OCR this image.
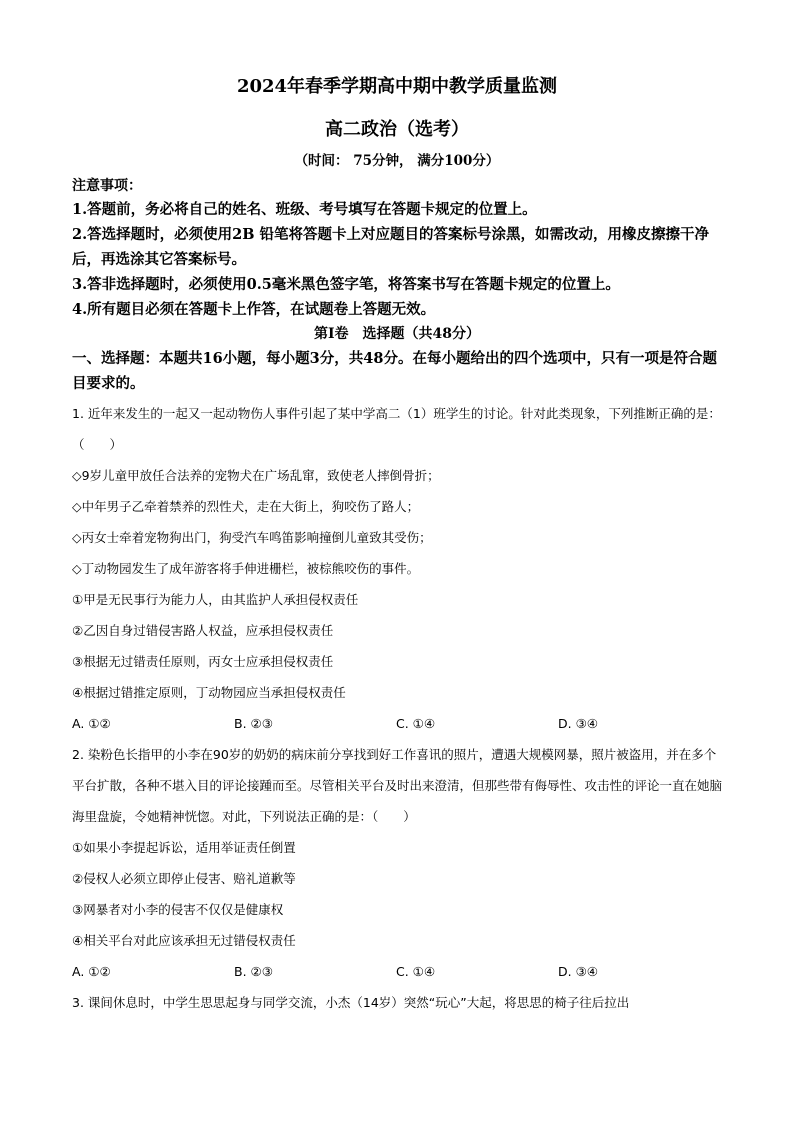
2024年春季学期高中期中教学质量监测
高二政治（选考）
（时间： 75分钟， 满分100分）
注意事项：
1.答题前，务必将自己的姓名、班级、考号填写在答题卡规定的位置上。
2.答选择题时，必须使用2B 铅笔将答题卡上对应题目的答案标号涂黑，如需改动，用橡皮擦擦干净后，再选涂其它答案标号。
3.答非选择题时，必须使用0.5毫米黑色签字笔，将答案书写在答题卡规定的位置上。
4.所有题目必须在答题卡上作答，在试题卷上答题无效。
第Ⅰ卷　选择题（共48分）
一、选择题：本题共16小题，每小题3分，共48分。在每小题给出的四个选项中，只有一项是符合题目要求的。

1. 近年来发生的一起又一起动物伤人事件引起了某中学高二（1）班学生的讨论。针对此类现象，下列推断正确的是：（　　）

◇9岁儿童甲放任合法养的宠物犬在广场乱窜，致使老人摔倒骨折；

◇中年男子乙牵着禁养的烈性犬，走在大街上，狗咬伤了路人；

◇丙女士牵着宠物狗出门，狗受汽车鸣笛影响撞倒儿童致其受伤；

◇丁动物园发生了成年游客将手伸进栅栏，被棕熊咬伤的事件。

①甲是无民事行为能力人，由其监护人承担侵权责任

②乙因自身过错侵害路人权益，应承担侵权责任

③根据无过错责任原则，丙女士应承担侵权责任

④根据过错推定原则，丁动物园应当承担侵权责任

A. ①②	B. ②③	C. ①④	D. ③④

2. 染粉色长指甲的小李在90岁的奶奶的病床前分享找到好工作喜讯的照片，遭遇大规模网暴，照片被盗用，并在多个平台扩散，各种不堪入目的评论接踵而至。尽管相关平台及时出来澄清，但那些带有侮辱性、攻击性的评论一直在她脑海里盘旋，令她精神恍惚。对此，下列说法正确的是：（　　）

①如果小李提起诉讼，适用举证责任倒置

②侵权人必须立即停止侵害、赔礼道歉等

③网暴者对小李的侵害不仅仅是健康权

④相关平台对此应该承担无过错侵权责任

A. ①②	B. ②③	C. ①④	D. ③④

3. 课间休息时，中学生思思起身与同学交流，小杰（14岁）突然“玩心”大起，将思思的椅子往后拉出
